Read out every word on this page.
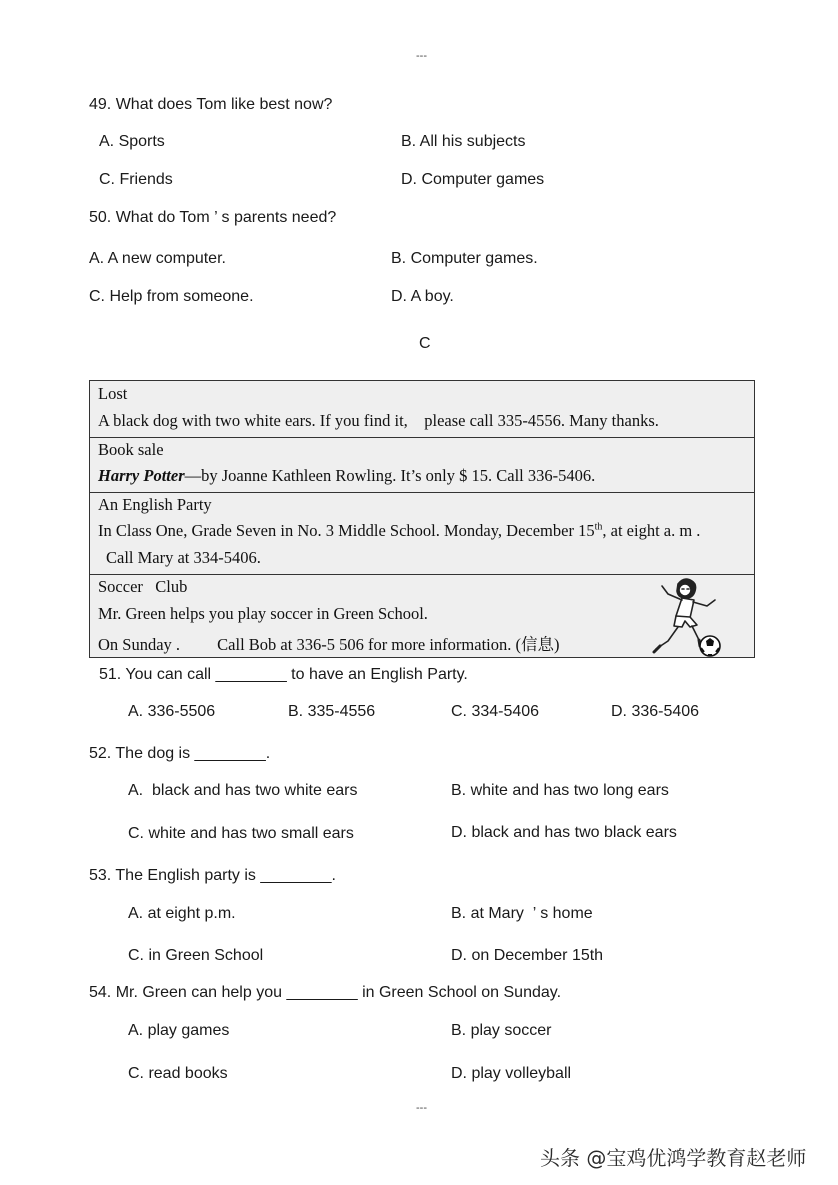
---
49. What does Tom like best now?
A. Sports	B. All his subjects
C. Friends	D. Computer games
50. What do Tom ’ s parents need?
A. A new computer.	B. Computer games.
C. Help from someone.	D. A boy.
C
Lost
A black dog with two white ears. If you find it,    please call 335-4556. Many thanks.
Book sale
Harry Potter—by Joanne Kathleen Rowling. It’s only $ 15. Call 336-5406.
An English Party
In Class One, Grade Seven in No. 3 Middle School. Monday, December 15th, at eight a. m .
Call Mary at 334-5406.
Soccer   Club
Mr. Green helps you play soccer in Green School.
On Sunday .         Call Bob at 336-5 506 for more information. (信息)
51. You can call ________ to have an English Party.
A. 336-5506	B. 335-4556	C. 334-5406	D. 336-5406
52. The dog is ________.
A.  black and has two white ears	B. white and has two long ears
C. white and has two small ears	D. black and has two black ears
53. The English party is ________.
A. at eight p.m.	B. at Mary  ’ s home
C. in Green School	D. on December 15th
54. Mr. Green can help you ________ in Green School on Sunday.
A. play games	B. play soccer
C. read books	D. play volleyball
---
头条 @宝鸡优鸿学教育赵老师
